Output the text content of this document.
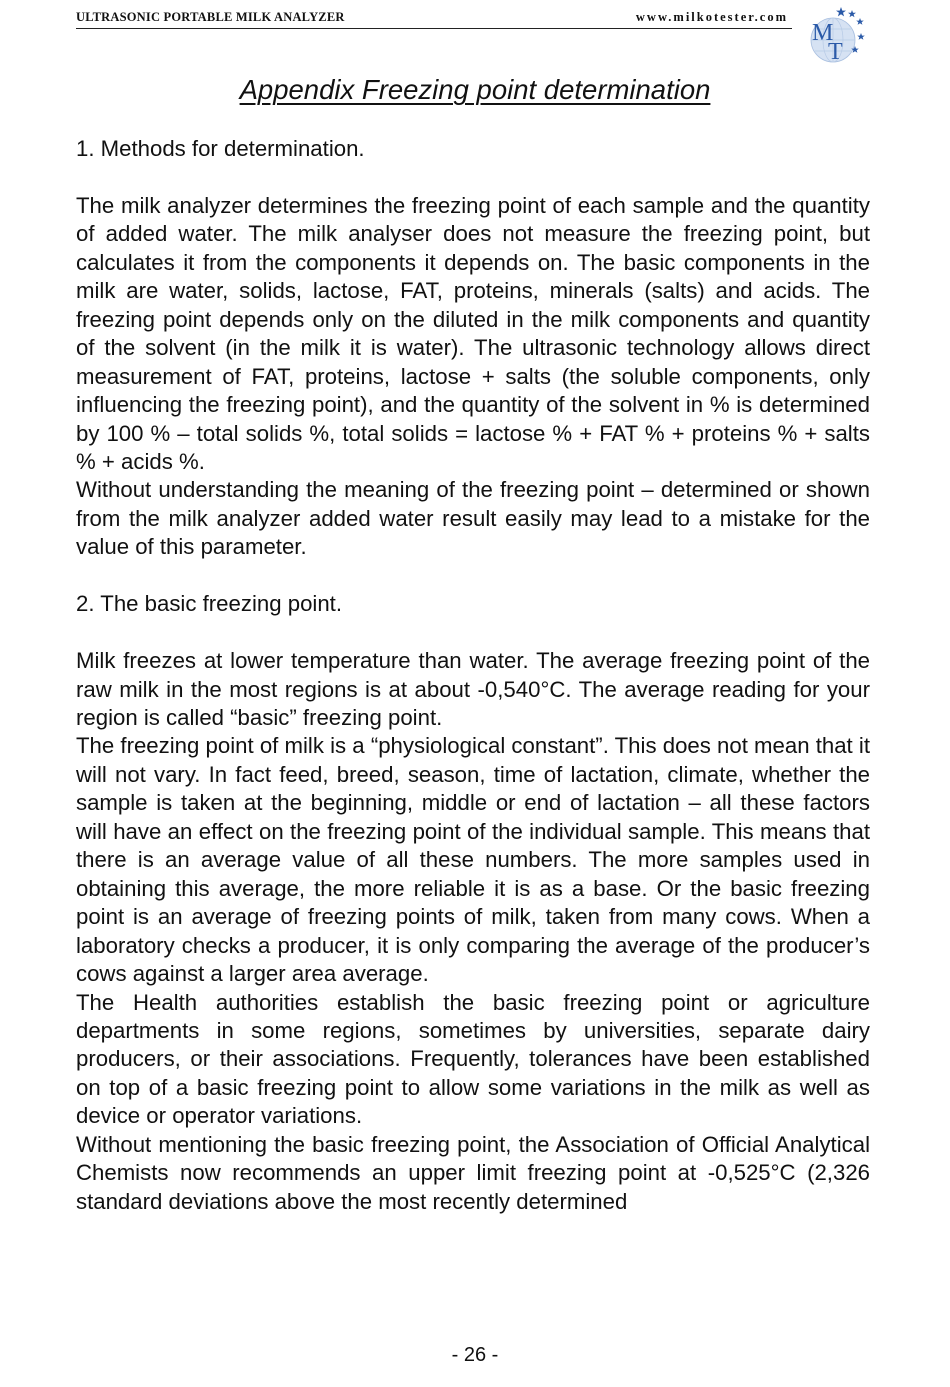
ULTRASONIC PORTABLE MILK ANALYZER	www.milkotester.com
M
T
Appendix Freezing point determination

1. Methods for determination.

The milk analyzer determines the freezing point of each sample and the quantity of added water. The milk analyser does not measure the freezing point, but calculates it from the components it depends on. The basic components in the milk are water, solids, lactose, FAT, proteins, minerals (salts) and acids. The freezing point depends only on the diluted in the milk components and quantity of the solvent (in the milk it is water). The ultrasonic technology allows direct measurement of FAT, proteins, lactose + salts (the soluble components, only influencing the freezing point), and the quantity of the solvent in % is determined by 100 % – total solids %, total solids = lactose % + FAT % + proteins % + salts % + acids %.

Without understanding the meaning of the freezing point – determined or shown from the milk analyzer added water result easily may lead to a mistake for the value of this parameter.

2. The basic freezing point.

Milk freezes at lower temperature than water. The average freezing point of the raw milk in the most regions is at about -0,540°C. The average reading for your region is called “basic” freezing point.

The freezing point of milk is a “physiological constant”. This does not mean that it will not vary. In fact feed, breed, season, time of lactation, climate, whether the sample is taken at the beginning, middle or end of lactation – all these factors will have an effect on the freezing point of the individual sample. This means that there is an average value of all these numbers. The more samples used in obtaining this average, the more reliable it is as a base. Or the basic freezing point is an average of freezing points of milk, taken from many cows. When a laboratory checks a producer, it is only comparing the average of the producer’s cows against a larger area average.

The Health authorities establish the basic freezing point or agriculture departments in some regions, sometimes by universities, separate dairy producers, or their associations. Frequently, tolerances have been established on top of a basic freezing point to allow some variations in the milk as well as device or operator variations.

Without mentioning the basic freezing point, the Association of Official Analytical Chemists now recommends an upper limit freezing point at -0,525°C (2,326 standard deviations above the most recently determined

- 26 -
